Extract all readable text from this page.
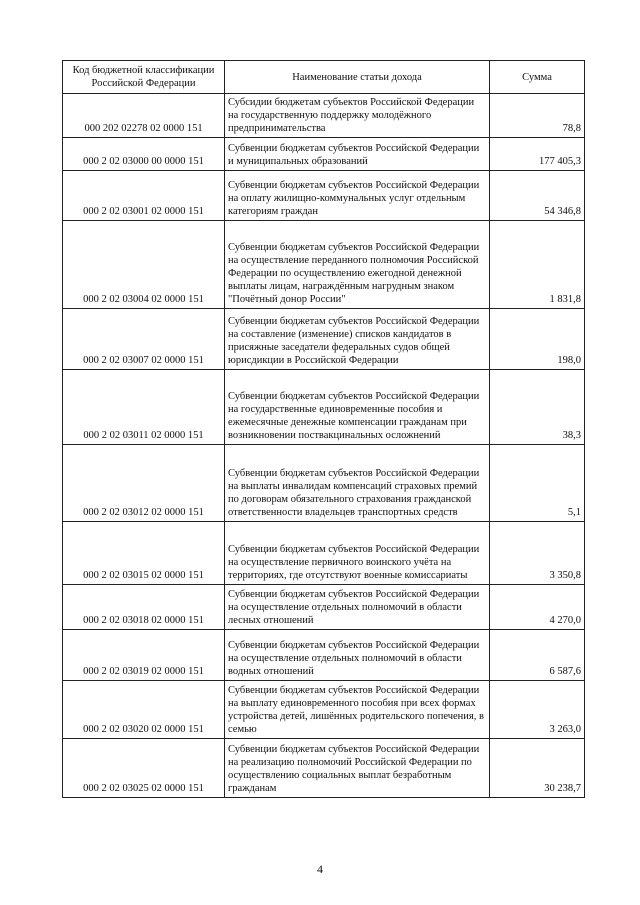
Код бюджетной классификации Российской Федерации	Наименование статьи дохода	Сумма
000 202 02278 02 0000 151	Субсидии бюджетам субъектов Российской Федерации на государственную поддержку молодёжного предпринимательства	78,8
000 2 02 03000 00 0000 151	Субвенции бюджетам субъектов Российской Федерации и муниципальных образований	177 405,3
000 2 02 03001 02 0000 151	Субвенции бюджетам субъектов Российской Федерации на оплату жилищно-коммунальных услуг отдельным категориям граждан	54 346,8
000 2 02 03004 02 0000 151	Субвенции бюджетам субъектов Российской Федерации на осуществление переданного полномочия Российской Федерации по осуществлению ежегодной денежной выплаты лицам, награждённым нагрудным знаком "Почётный донор России"	1 831,8
000 2 02 03007 02 0000 151	Субвенции бюджетам субъектов Российской Федерации на составление (изменение) списков кандидатов в присяжные заседатели федеральных судов общей юрисдикции в Российской Федерации	198,0
000 2 02 03011 02 0000 151	Субвенции бюджетам субъектов Российской Федерации на государственные единовременные пособия и ежемесячные денежные компенсации гражданам при возникновении поствакцинальных осложнений	38,3
000 2 02 03012 02 0000 151	Субвенции бюджетам субъектов Российской Федерации на выплаты инвалидам компенсаций страховых премий по договорам обязательного страхования гражданской ответственности владельцев транспортных средств	5,1
000 2 02 03015 02 0000 151	Субвенции бюджетам субъектов Российской Федерации на осуществление первичного воинского учёта на территориях, где отсутствуют военные комиссариаты	3 350,8
000 2 02 03018 02 0000 151	Субвенции бюджетам субъектов Российской Федерации на осуществление отдельных полномочий в области лесных отношений	4 270,0
000 2 02 03019 02 0000 151	Субвенции бюджетам субъектов Российской Федерации на осуществление отдельных полномочий в области водных отношений	6 587,6
000 2 02 03020 02 0000 151	Субвенции бюджетам субъектов Российской Федерации на выплату единовременного пособия при всех формах устройства детей, лишённых родительского попечения, в семью	3 263,0
000 2 02 03025 02 0000 151	Субвенции бюджетам субъектов Российской Федерации на реализацию полномочий Российской Федерации по осуществлению социальных выплат безработным гражданам	30 238,7
4
